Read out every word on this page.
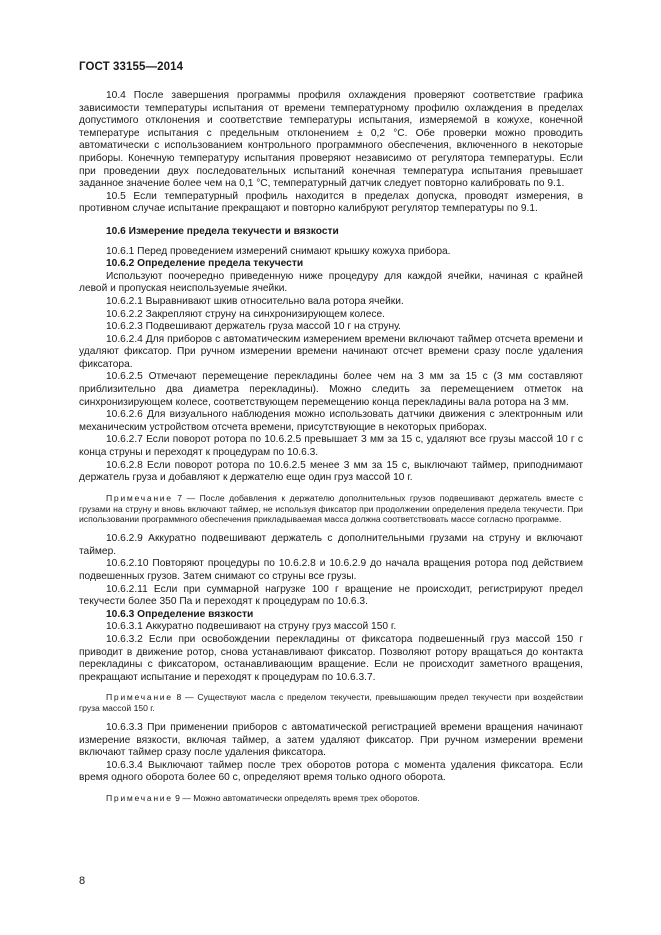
ГОСТ 33155—2014

10.4 После завершения программы профиля охлаждения проверяют соответствие графика зависимости температуры испытания от времени температурному профилю охлаждения в пределах допустимого отклонения и соответствие температуры испытания, измеряемой в кожухе, конечной температуре испытания с предельным отклонением ± 0,2 °С. Обе проверки можно проводить автоматически с использованием контрольного программного обеспечения, включенного в некоторые приборы. Конечную температуру испытания проверяют независимо от регулятора температуры. Если при проведении двух последовательных испытаний конечная температура испытания превышает заданное значение более чем на 0,1 °С, температурный датчик следует повторно калибровать по 9.1.

10.5 Если температурный профиль находится в пределах допуска, проводят измерения, в противном случае испытание прекращают и повторно калибруют регулятор температуры по 9.1.

10.6 Измерение предела текучести и вязкости

10.6.1 Перед проведением измерений снимают крышку кожуха прибора.

10.6.2 Определение предела текучести

Используют поочередно приведенную ниже процедуру для каждой ячейки, начиная с крайней левой и пропуская неиспользуемые ячейки.

10.6.2.1 Выравнивают шкив относительно вала ротора ячейки.

10.6.2.2 Закрепляют струну на синхронизирующем колесе.

10.6.2.3 Подвешивают держатель груза массой 10 г на струну.

10.6.2.4 Для приборов с автоматическим измерением времени включают таймер отсчета времени и удаляют фиксатор. При ручном измерении времени начинают отсчет времени сразу после удаления фиксатора.

10.6.2.5 Отмечают перемещение перекладины более чем на 3 мм за 15 с (3 мм составляют приблизительно два диаметра перекладины). Можно следить за перемещением отметок на синхронизирующем колесе, соответствующем перемещению конца перекладины вала ротора на 3 мм.

10.6.2.6 Для визуального наблюдения можно использовать датчики движения с электронным или механическим устройством отсчета времени, присутствующие в некоторых приборах.

10.6.2.7 Если поворот ротора по 10.6.2.5 превышает 3 мм за 15 с, удаляют все грузы массой 10 г с конца струны и переходят к процедурам по 10.6.3.

10.6.2.8 Если поворот ротора по 10.6.2.5 менее 3 мм за 15 с, выключают таймер, приподнимают держатель груза и добавляют к держателю еще один груз массой 10 г.

Примечание 7 — После добавления к держателю дополнительных грузов подвешивают держатель вместе с грузами на струну и вновь включают таймер, не используя фиксатор при продолжении определения предела текучести. При использовании программного обеспечения прикладываемая масса должна соответствовать массе согласно программе.

10.6.2.9 Аккуратно подвешивают держатель с дополнительными грузами на струну и включают таймер.

10.6.2.10 Повторяют процедуры по 10.6.2.8 и 10.6.2.9 до начала вращения ротора под действием подвешенных грузов. Затем снимают со струны все грузы.

10.6.2.11 Если при суммарной нагрузке 100 г вращение не происходит, регистрируют предел текучести более 350 Па и переходят к процедурам по 10.6.3.

10.6.3 Определение вязкости

10.6.3.1 Аккуратно подвешивают на струну груз массой 150 г.

10.6.3.2 Если при освобождении перекладины от фиксатора подвешенный груз массой 150 г приводит в движение ротор, снова устанавливают фиксатор. Позволяют ротору вращаться до контакта перекладины с фиксатором, останавливающим вращение. Если не происходит заметного вращения, прекращают испытание и переходят к процедурам по 10.6.3.7.

Примечание 8 — Существуют масла с пределом текучести, превышающим предел текучести при воздействии груза массой 150 г.

10.6.3.3 При применении приборов с автоматической регистрацией времени вращения начинают измерение вязкости, включая таймер, а затем удаляют фиксатор. При ручном измерении времени включают таймер сразу после удаления фиксатора.

10.6.3.4 Выключают таймер после трех оборотов ротора с момента удаления фиксатора. Если время одного оборота более 60 с, определяют время только одного оборота.

Примечание 9 — Можно автоматически определять время трех оборотов.

8
